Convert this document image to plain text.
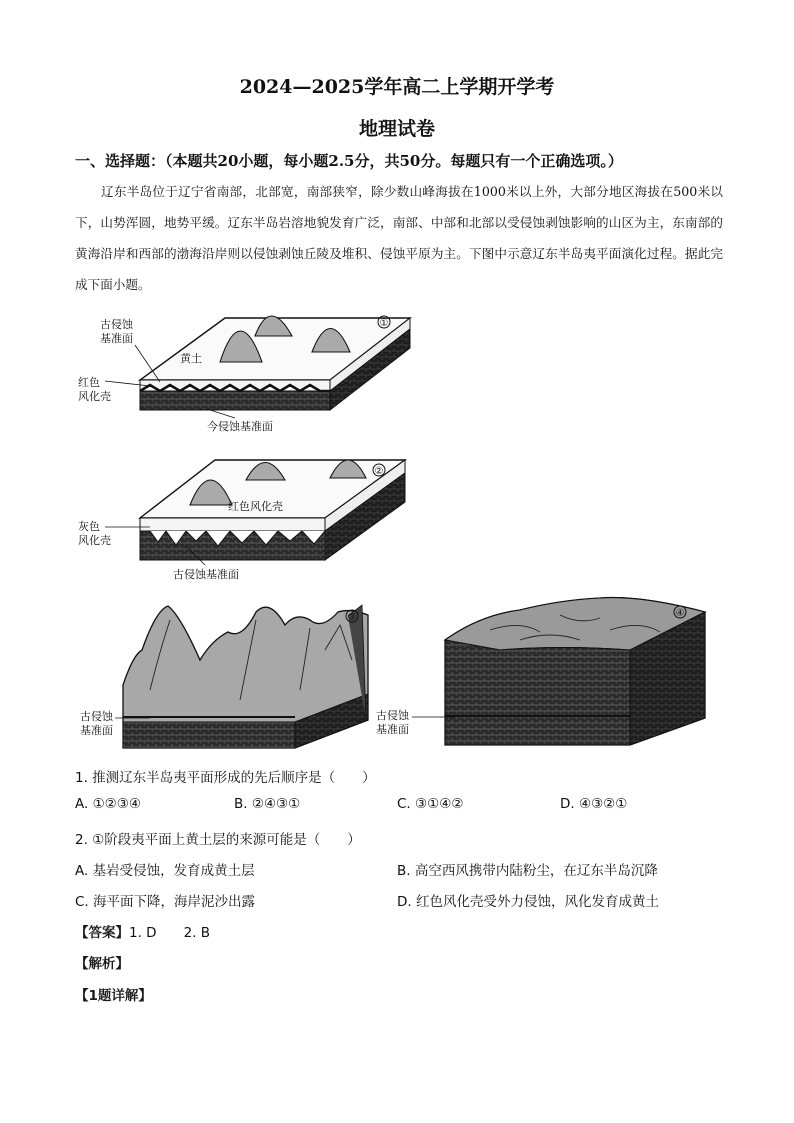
2024—2025学年高二上学期开学考
地理试卷
一、选择题：（本题共20小题，每小题2.5分，共50分。每题只有一个正确选项。）

辽东半岛位于辽宁省南部，北部宽，南部狭窄，除少数山峰海拔在1000米以上外，大部分地区海拔在500米以下，山势浑圆，地势平缓。辽东半岛岩溶地貌发育广泛，南部、中部和北部以受侵蚀剥蚀影响的山区为主，东南部的黄海沿岸和西部的渤海沿岸则以侵蚀剥蚀丘陵及堆积、侵蚀平原为主。下图中示意辽东半岛夷平面演化过程。据此完成下面小题。

①
古侵蚀
基准面
黄土
红色
风化壳
今侵蚀基准面
②
红色风化壳
灰色
风化壳
古侵蚀基准面
③
古侵蚀
基准面
④
古侵蚀
基准面
1. 推测辽东半岛夷平面形成的先后顺序是（　　）
A. ①②③④	B. ②④③①	C. ③①④②	D. ④③②①
2. ①阶段夷平面上黄土层的来源可能是（　　）
A. 基岩受侵蚀，发育成黄土层	B. 高空西风携带内陆粉尘，在辽东半岛沉降
C. 海平面下降，海岸泥沙出露	D. 红色风化壳受外力侵蚀，风化发育成黄土
【答案】1. D　　2. B
【解析】
【1题详解】
